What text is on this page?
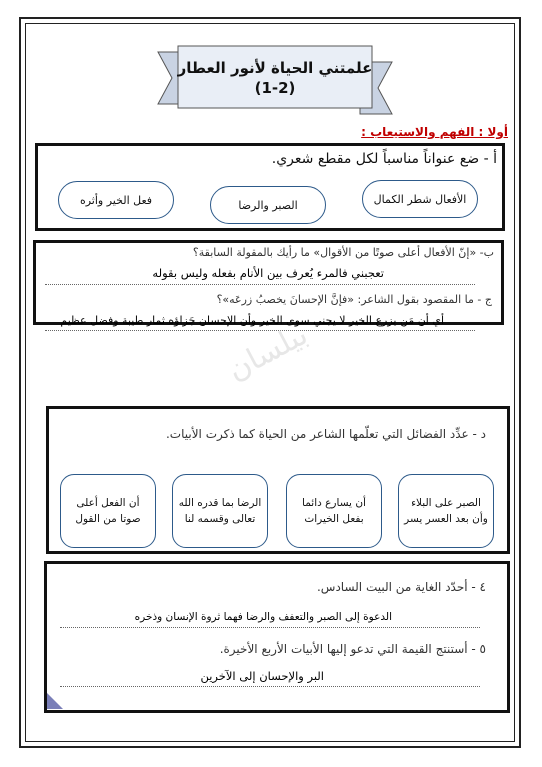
علمتني الحياة لأنور العطار
(1-2)
أولا : الفهم والاستيعاب :
أ - ضع عنواناً مناسباً لكل مقطع شعري.
الأفعال شطر الكمال
الصبر والرضا
فعل الخير وأثره
ب- «إنّ الأفعال أعلى صوتًا من الأقوال» ما رأيك بالمقولة السابقة؟
تعجبني فالمرء يُعرف بين الأنام بفعله وليس بقوله
ج - ما المقصود بقول الشاعر: «فإنَّ الإحسانَ يخصبُ زرعَه»؟
أي أن مَن يزرع الخير لا يجني سوى الخير وأن الإحسان جَزاؤه ثمار طيبة وفضل عظيم
بيلسان
د - عدِّد الفضائل التي تعلّمها الشاعر من الحياة كما ذكرت الأبيات.
الصبر على البلاء وأن بعد العسر يسر
أن يسارع دائما بفعل الخيرات
الرضا بما قدره الله تعالى وقسمه لنا
أن الفعل أعلى صوتا من القول
٤ - أحدّد الغاية من البيت السادس.
الدعوة إلى الصبر والتعفف والرضا فهما ثروة الإنسان وذخره
٥ - أستنتج القيمة التي تدعو إليها الأبيات الأربع الأخيرة.
البر والإحسان إلى الآخرين
